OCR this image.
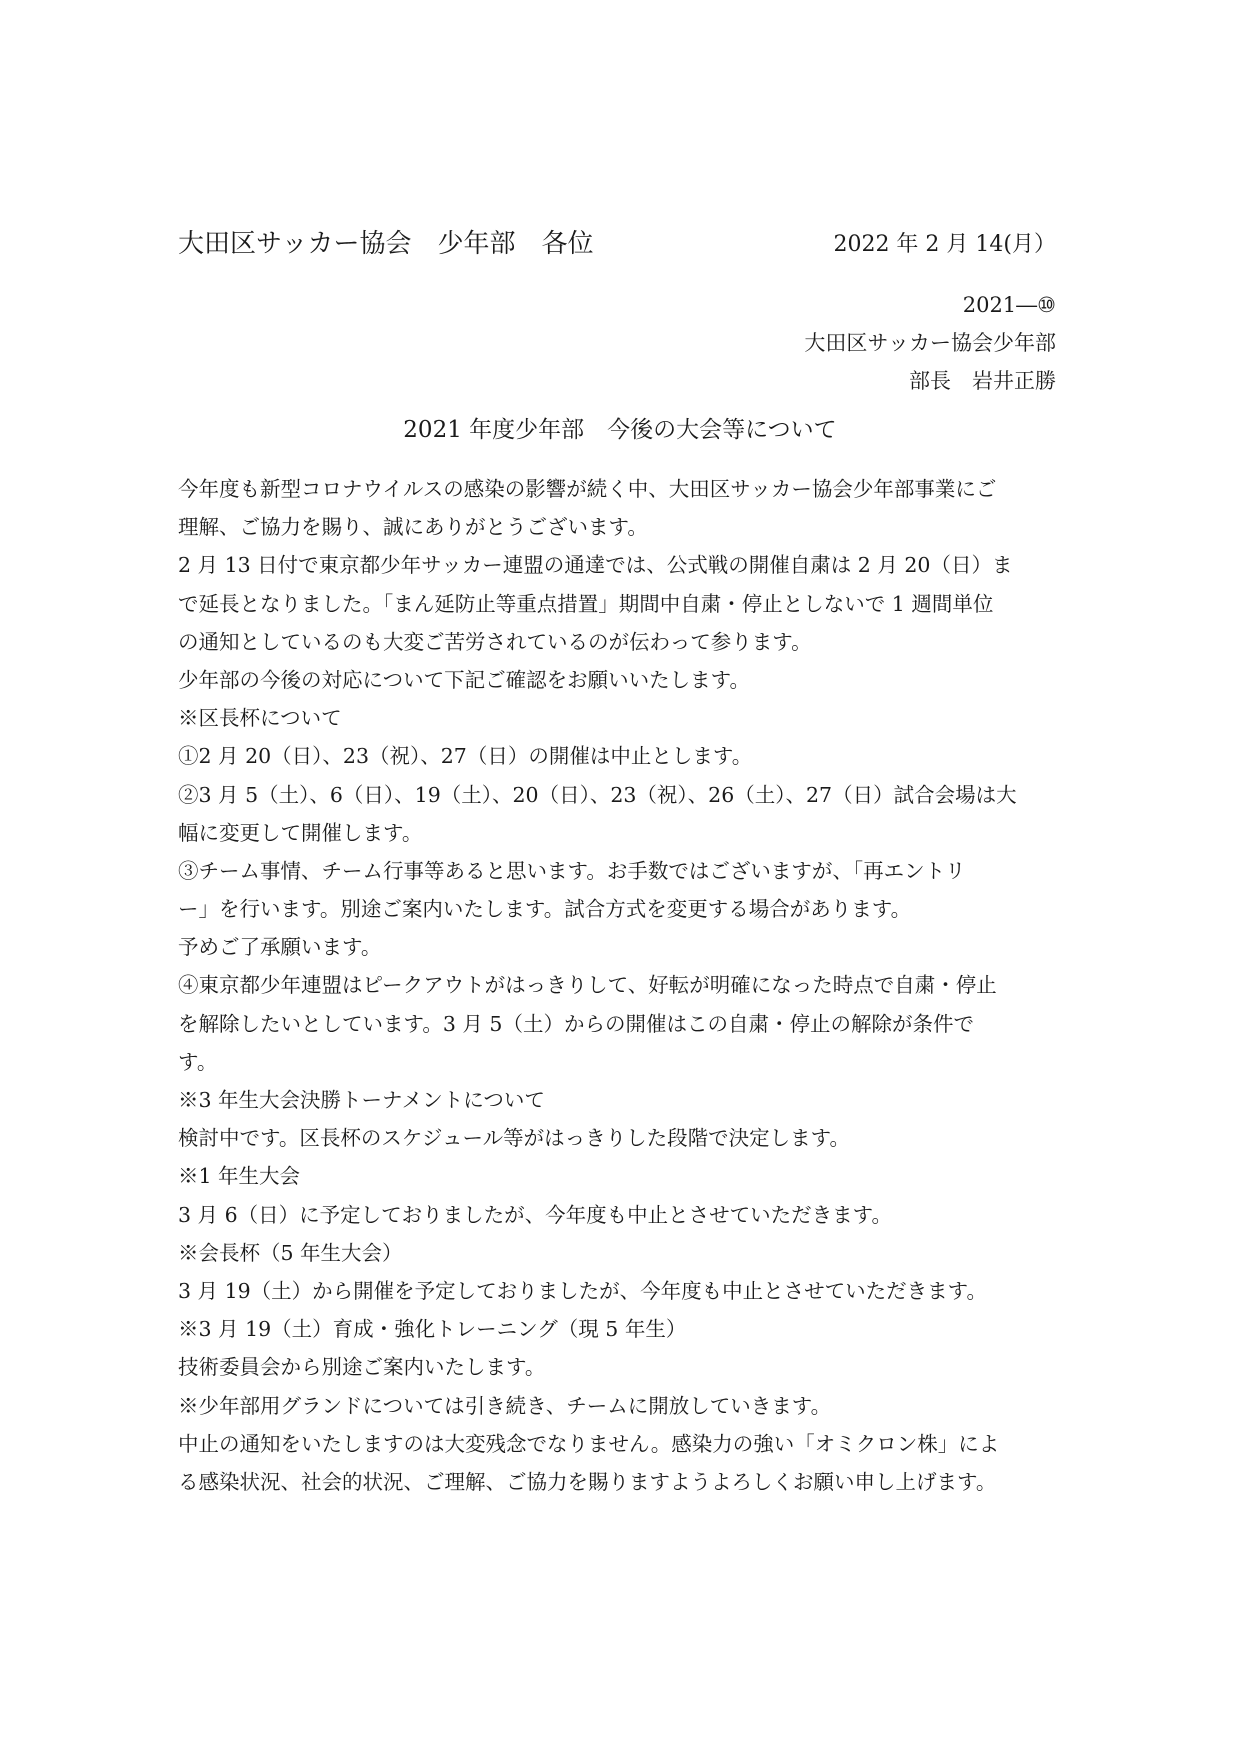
大田区サッカー協会　少年部　各位	2022 年 2 月 14(月）
2021―⑩
大田区サッカー協会少年部
部長　岩井正勝
2021 年度少年部　今後の大会等について
今年度も新型コロナウイルスの感染の影響が続く中、大田区サッカー協会少年部事業にご
理解、ご協力を賜り、誠にありがとうございます。
2 月 13 日付で東京都少年サッカー連盟の通達では、公式戦の開催自粛は 2 月 20（日）ま
で延長となりました。「まん延防止等重点措置」期間中自粛・停止としないで 1 週間単位
の通知としているのも大変ご苦労されているのが伝わって参ります。
少年部の今後の対応について下記ご確認をお願いいたします。
※区長杯について
①2 月 20（日）、23（祝）、27（日）の開催は中止とします。
②3 月 5（土）、6（日）、19（土）、20（日）、23（祝）、26（土）、27（日）試合会場は大
幅に変更して開催します。
③チーム事情、チーム行事等あると思います。お手数ではございますが、「再エントリ
ー」を行います。別途ご案内いたします。試合方式を変更する場合があります。
予めご了承願います。
④東京都少年連盟はピークアウトがはっきりして、好転が明確になった時点で自粛・停止
を解除したいとしています。3 月 5（土）からの開催はこの自粛・停止の解除が条件で
す。
※3 年生大会決勝トーナメントについて
検討中です。区長杯のスケジュール等がはっきりした段階で決定します。
※1 年生大会
3 月 6（日）に予定しておりましたが、今年度も中止とさせていただきます。
※会長杯（5 年生大会）
3 月 19（土）から開催を予定しておりましたが、今年度も中止とさせていただきます。
※3 月 19（土）育成・強化トレーニング（現 5 年生）
技術委員会から別途ご案内いたします。
※少年部用グランドについては引き続き、チームに開放していきます。
中止の通知をいたしますのは大変残念でなりません。感染力の強い「オミクロン株」によ
る感染状況、社会的状況、ご理解、ご協力を賜りますようよろしくお願い申し上げます。
